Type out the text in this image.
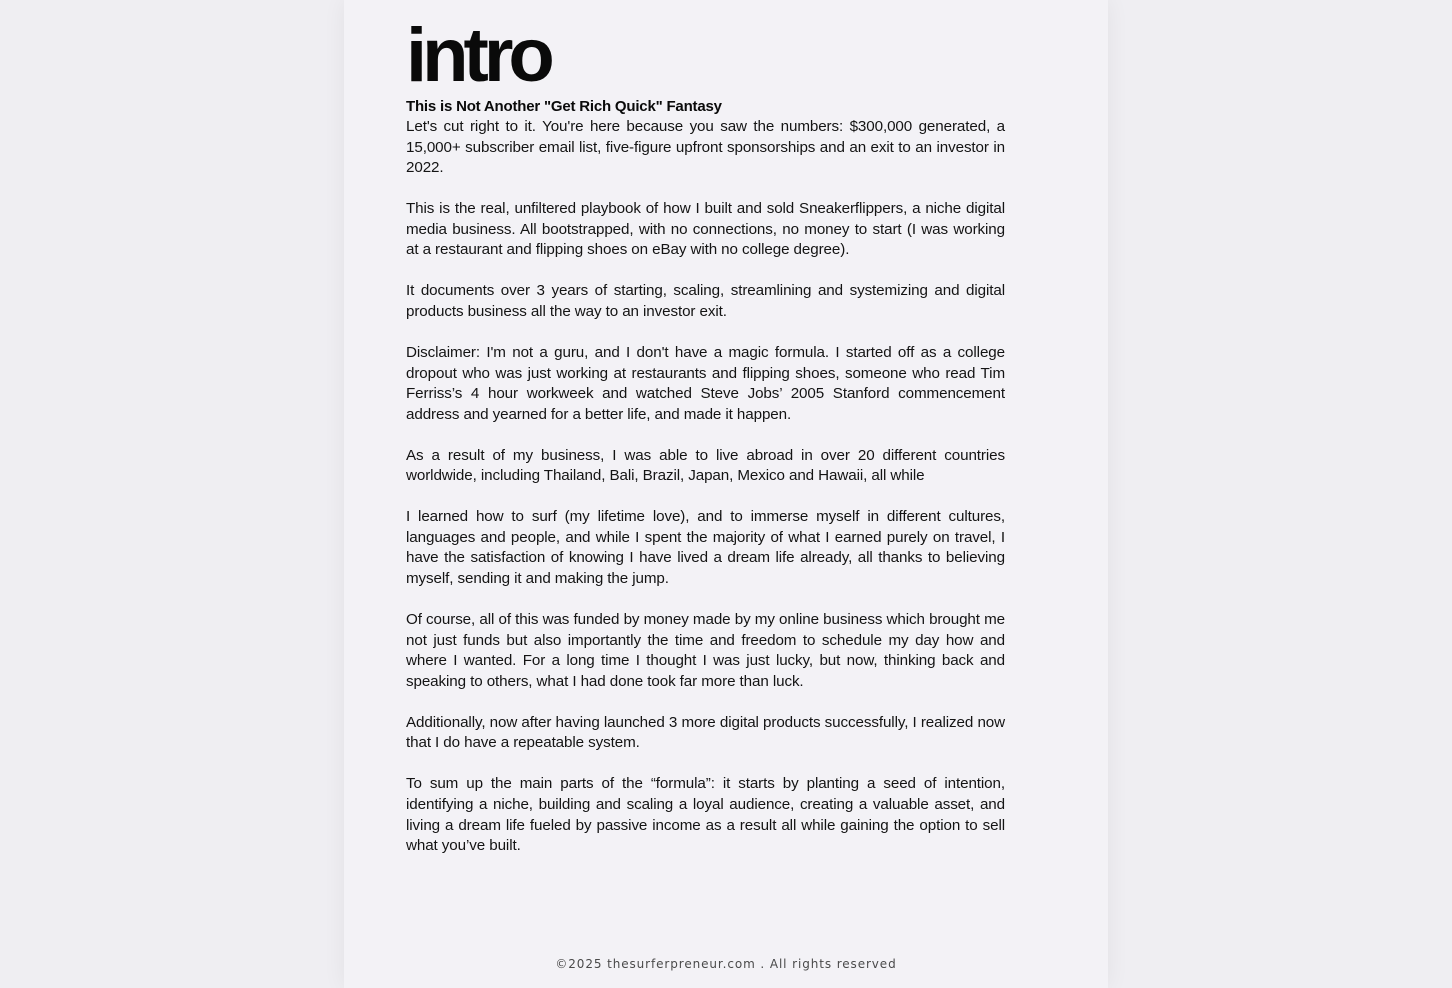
intro
This is Not Another "Get Rich Quick" Fantasy

Let's cut right to it. You're here because you saw the numbers: $300,000 generated, a 15,000+ subscriber email list, five-figure upfront sponsorships and an exit to an investor in 2022.

This is the real, unfiltered playbook of how I built and sold Sneakerflippers, a niche digital media business. All bootstrapped, with no connections, no money to start (I was working at a restaurant and flipping shoes on eBay with no college degree).

It documents over 3 years of starting, scaling, streamlining and systemizing and digital products business all the way to an investor exit.

Disclaimer: I'm not a guru, and I don't have a magic formula. I started off as a college dropout who was just working at restaurants and flipping shoes, someone who read Tim Ferriss’s 4 hour workweek and watched Steve Jobs’ 2005 Stanford commencement address and yearned for a better life, and made it happen.

As a result of my business, I was able to live abroad in over 20 different countries worldwide, including Thailand, Bali, Brazil, Japan, Mexico and Hawaii, all while

I learned how to surf (my lifetime love), and to immerse myself in different cultures, languages and people, and while I spent the majority of what I earned purely on travel, I have the satisfaction of knowing I have lived a dream life already, all thanks to believing myself, sending it and making the jump.

Of course, all of this was funded by money made by my online business which brought me not just funds but also importantly the time and freedom to schedule my day how and where I wanted. For a long time I thought I was just lucky, but now, thinking back and speaking to others, what I had done took far more than luck.

Additionally, now after having launched 3 more digital products successfully, I realized now that I do have a repeatable system.

To sum up the main parts of the “formula”: it starts by planting a seed of intention, identifying a niche, building and scaling a loyal audience, creating a valuable asset, and living a dream life fueled by passive income as a result all while gaining the option to sell what you’ve built.

©2025 thesurferpreneur.com . All rights reserved
